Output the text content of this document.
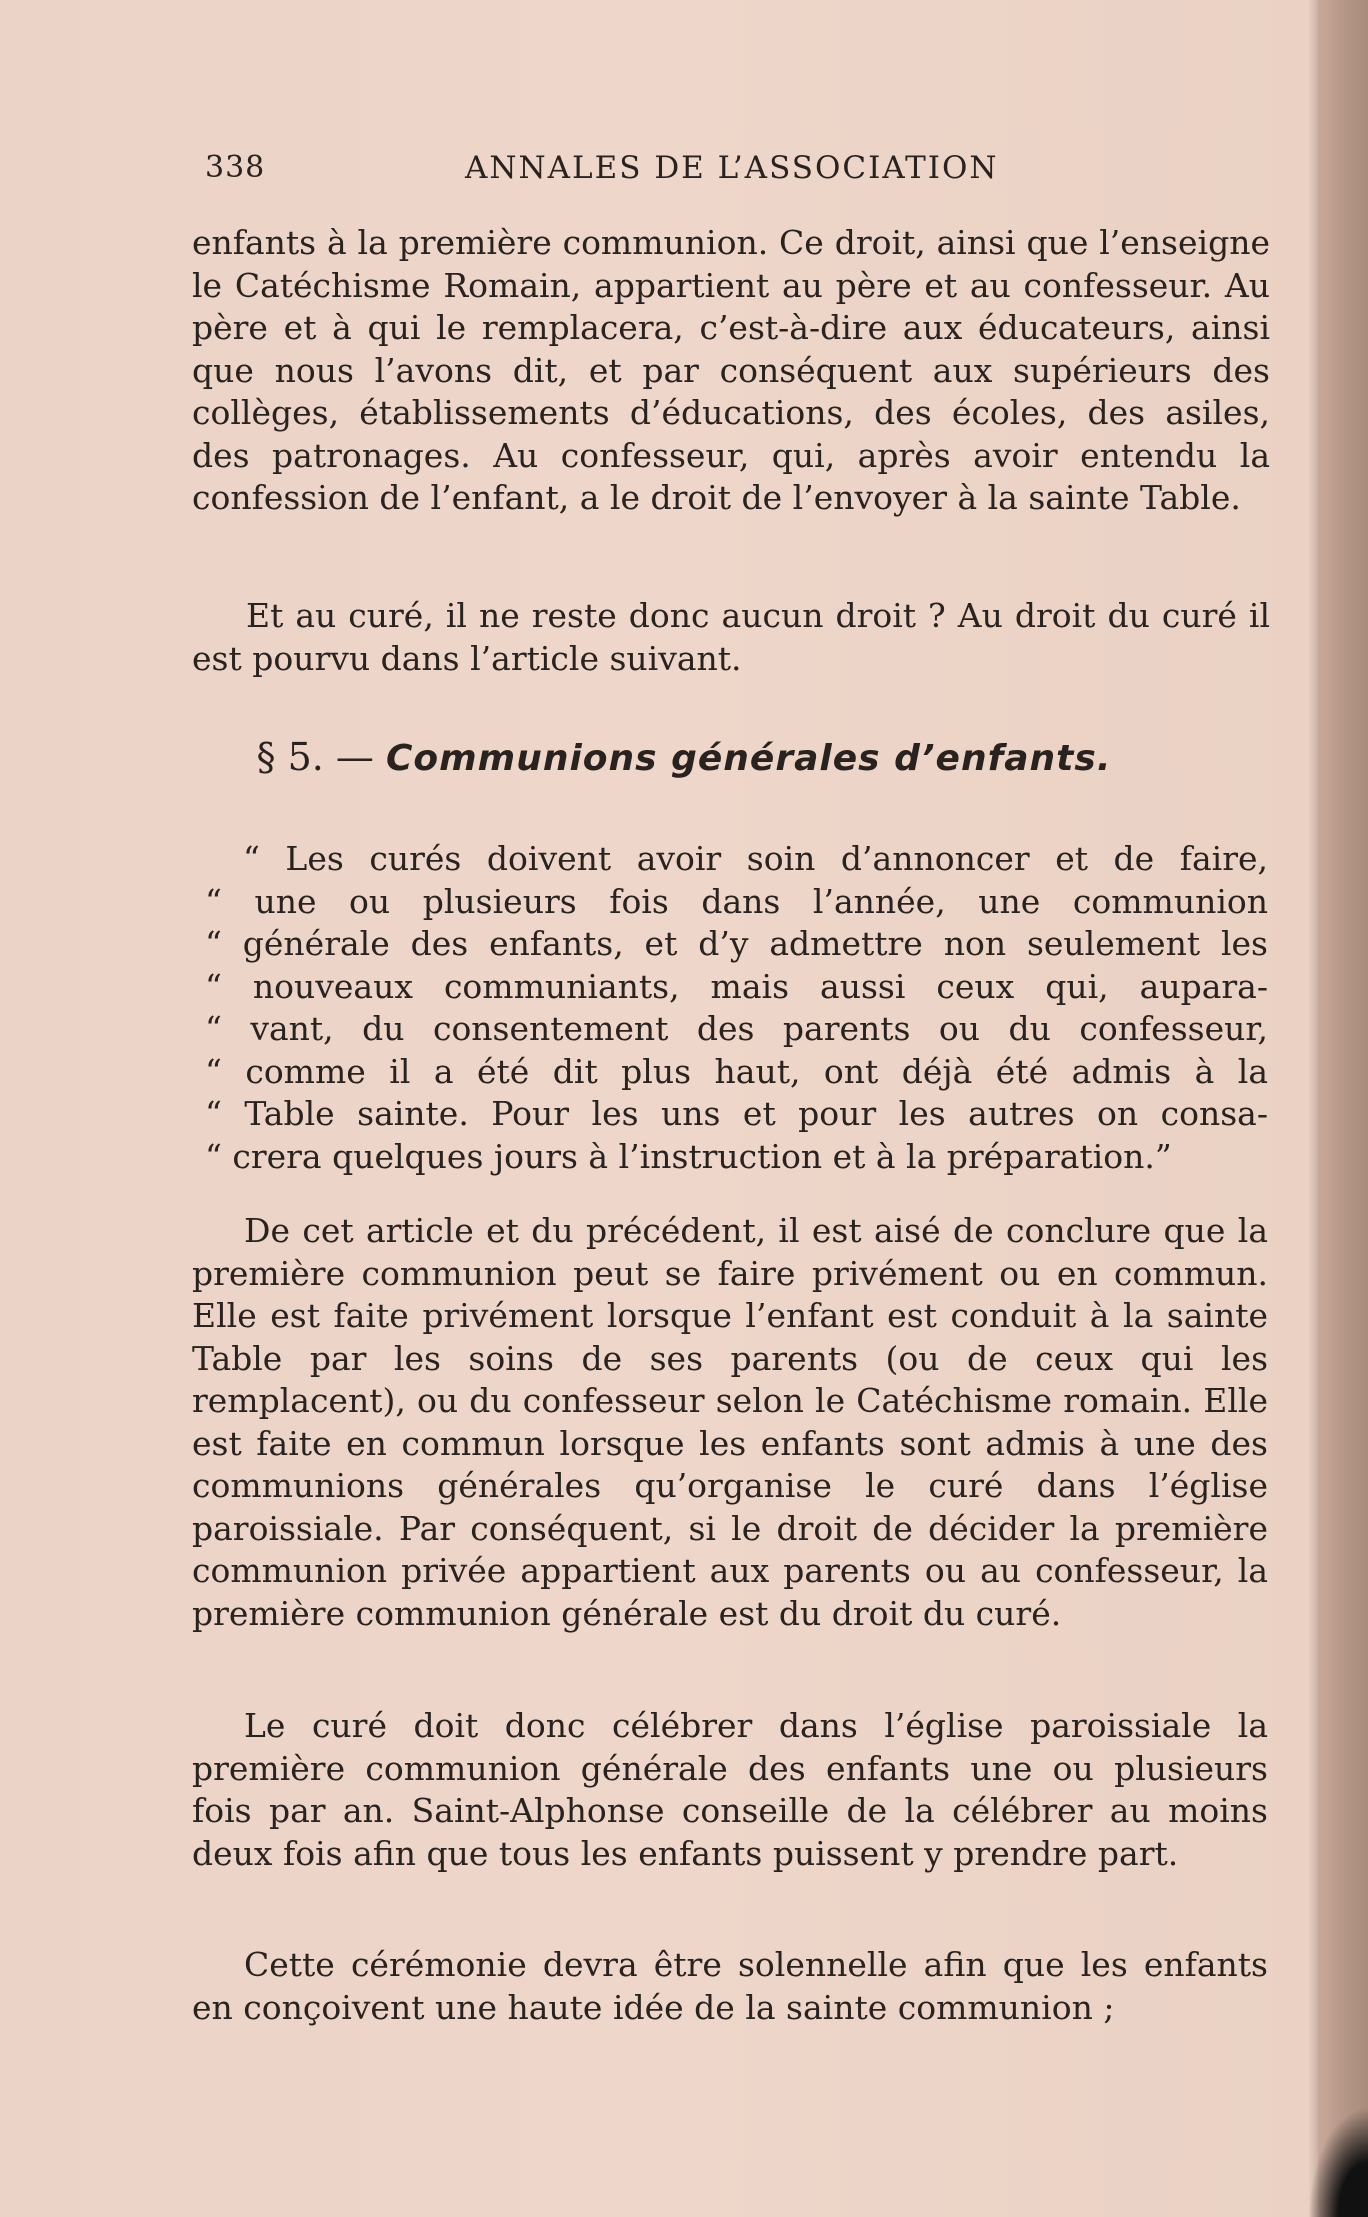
338	ANNALES DE L’ASSOCIATION

enfants à la première communion. Ce droit, ainsi que l’enseigne le Catéchisme Romain, appartient au père et au confesseur. Au père et à qui le remplacera, c’est-à-dire aux éducateurs, ainsi que nous l’avons dit, et par conséquent aux supérieurs des collèges, établissements d’éducations, des écoles, des asiles, des patronages. Au confesseur, qui, après avoir entendu la confession de l’enfant, a le droit de l’envoyer à la sainte Table.

Et au curé, il ne reste donc aucun droit ? Au droit du curé il est pourvu dans l’article suivant.

§ 5. — Communions générales d’enfants.
“ Les curés doivent avoir soin d’annoncer et de faire,
“ une ou plusieurs fois dans l’année, une communion
“ générale des enfants, et d’y admettre non seulement les
“ nouveaux communiants, mais aussi ceux qui, aupara-
“ vant, du consentement des parents ou du confesseur,
“ comme il a été dit plus haut, ont déjà été admis à la
“ Table sainte. Pour les uns et pour les autres on consa-
“ crera quelques jours à l’instruction et à la préparation.”

De cet article et du précédent, il est aisé de conclure que la première communion peut se faire privément ou en commun. Elle est faite privément lorsque l’enfant est conduit à la sainte Table par les soins de ses parents (ou de ceux qui les remplacent), ou du confesseur selon le Catéchisme romain. Elle est faite en commun lorsque les enfants sont admis à une des communions générales qu’organise le curé dans l’église paroissiale. Par conséquent, si le droit de décider la première communion privée appartient aux parents ou au confesseur, la première communion générale est du droit du curé.

Le curé doit donc célébrer dans l’église paroissiale la première communion générale des enfants une ou plusieurs fois par an. Saint-Alphonse conseille de la célébrer au moins deux fois afin que tous les enfants puissent y prendre part.

Cette cérémonie devra être solennelle afin que les enfants en conçoivent une haute idée de la sainte communion ;
